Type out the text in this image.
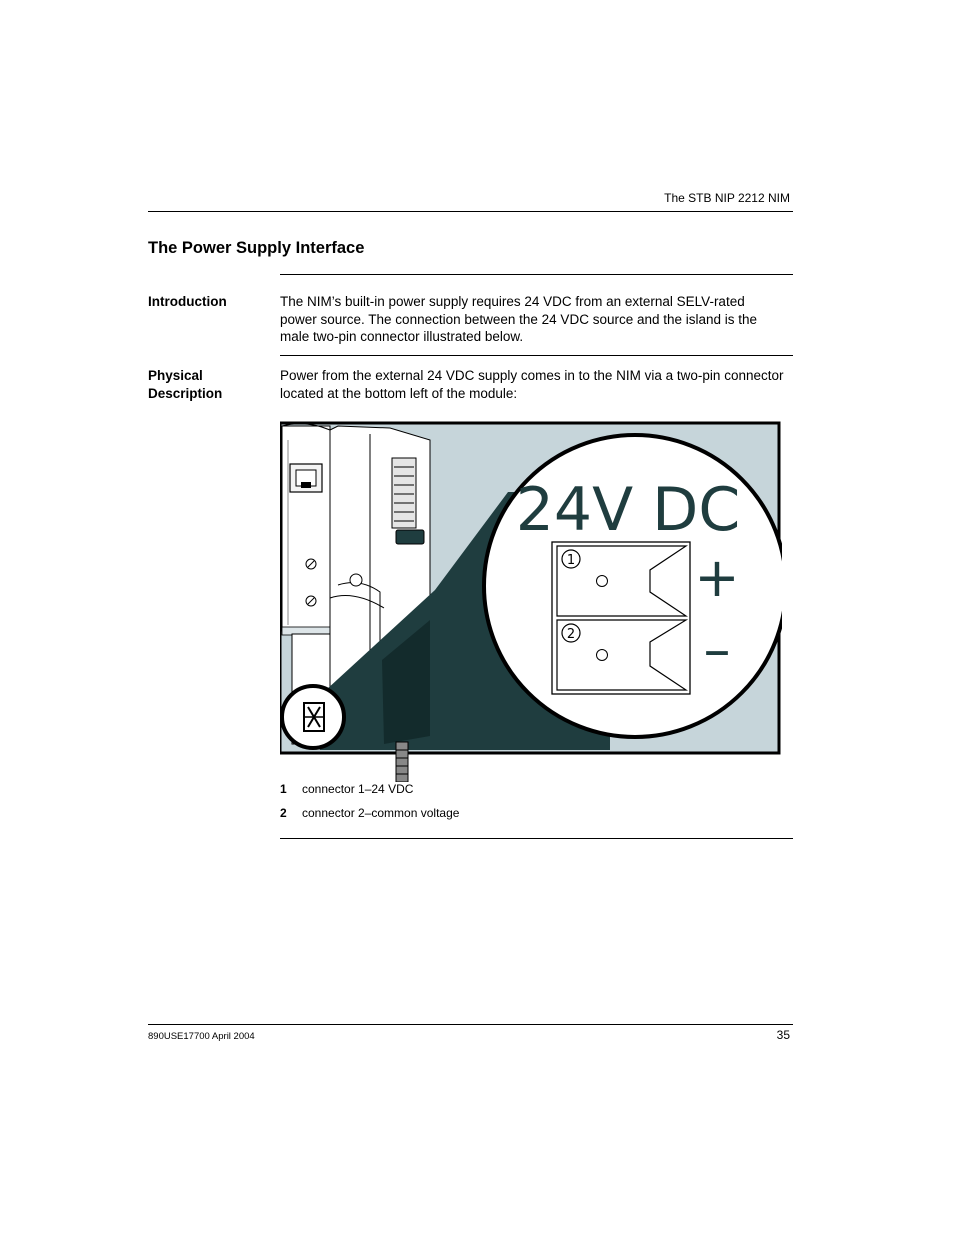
The STB NIP 2212 NIM
The Power Supply Interface
Introduction	The NIM’s built-in power supply requires 24 VDC from an external SELV-rated
power source. The connection between the 24 VDC source and the island is the
male two-pin connector illustrated below.
Physical
Description
Power from the external 24 VDC supply comes in to the NIM via a two-pin connector
located at the bottom left of the module:
24V DC
1
2
+
–
1 connector 1–24 VDC
2 connector 2–common voltage
890USE17700 April 2004	35
